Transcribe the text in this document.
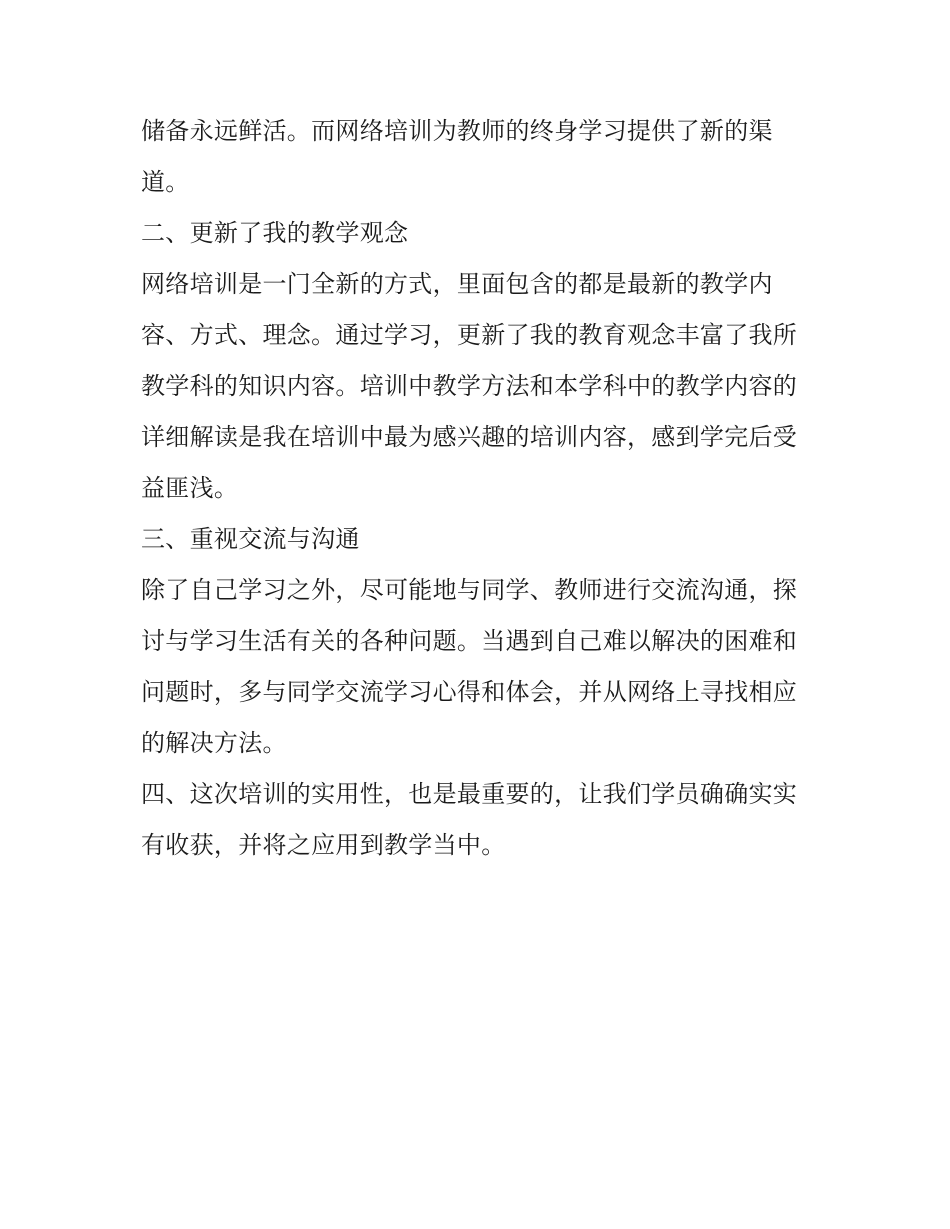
储备永远鲜活。而网络培训为教师的终身学习提供了新的渠
道。
二、更新了我的教学观念
网络培训是一门全新的方式，里面包含的都是最新的教学内
容、方式、理念。通过学习，更新了我的教育观念丰富了我所
教学科的知识内容。培训中教学方法和本学科中的教学内容的
详细解读是我在培训中最为感兴趣的培训内容，感到学完后受
益匪浅。
三、重视交流与沟通
除了自己学习之外，尽可能地与同学、教师进行交流沟通，探
讨与学习生活有关的各种问题。当遇到自己难以解决的困难和
问题时，多与同学交流学习心得和体会，并从网络上寻找相应
的解决方法。
四、这次培训的实用性，也是最重要的，让我们学员确确实实
有收获，并将之应用到教学当中。
